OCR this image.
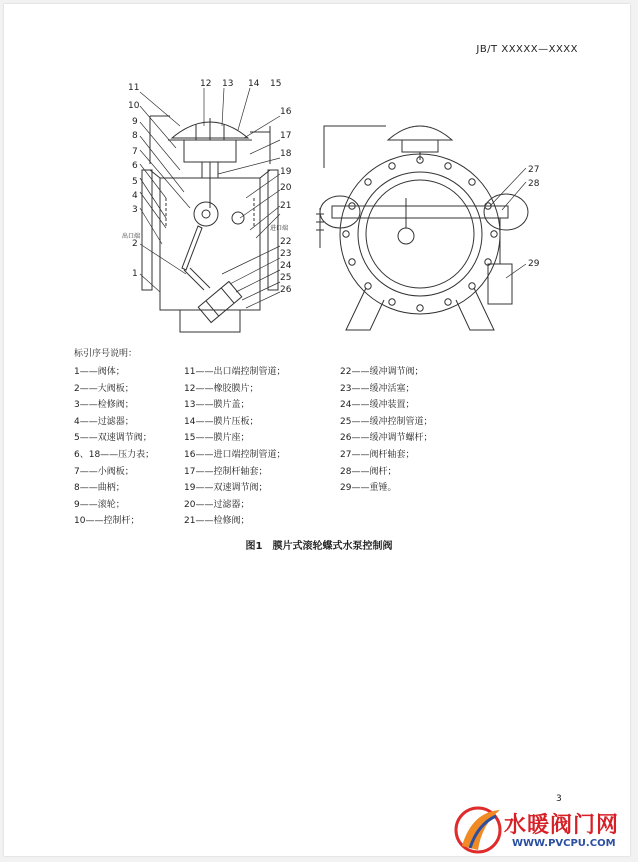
JB/T XXXXX—XXXX
11	12 13 14 15
10
16
9
17
8
7	18
6
19
5
20
4
3	21
2	22
23
24
1	25
26
27
28
29
出口端
进口端
标引序号说明：
1——阀体；
2——大阀板；
3——检修阀；
4——过滤器；
5——双速调节阀；
6、18——压力表；
7——小阀板；
8——曲柄；
9——滚轮；
10——控制杆；
11——出口端控制管道；
12——橡胶膜片；
13——膜片盖；
14——膜片压板；
15——膜片座；
16——进口端控制管道；
17——控制杆轴套；
19——双速调节阀；
20——过滤器；
21——检修阀；
22——缓冲调节阀；
23——缓冲活塞；
24——缓冲装置；
25——缓冲控制管道；
26——缓冲调节螺杆；
27——阀杆轴套；
28——阀杆；
29——重锤。
图1　膜片式滚轮蝶式水泵控制阀
3
水暖阀门网
WWW.PVCPU.COM
